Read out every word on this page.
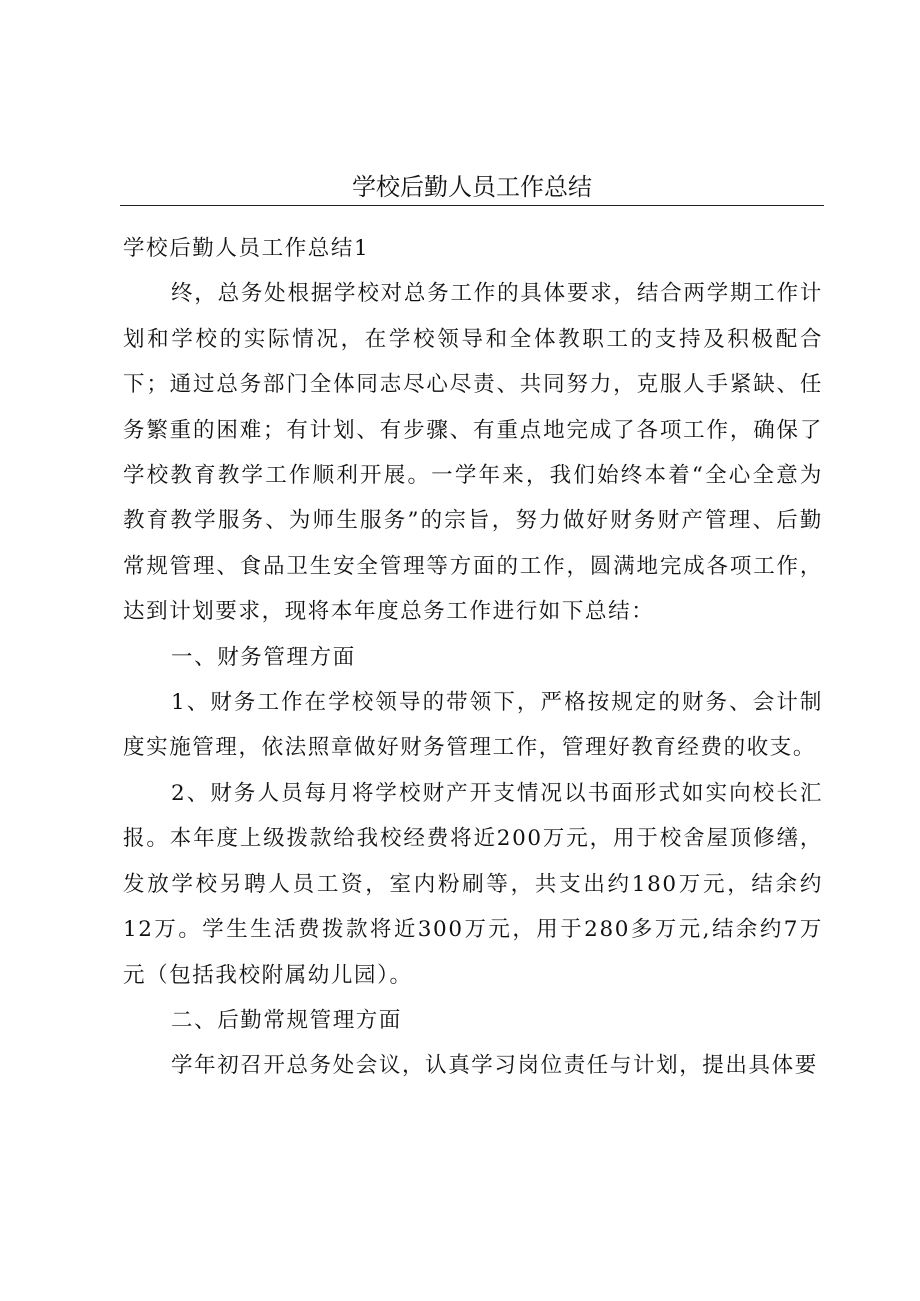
学校后勤人员工作总结

学校后勤人员工作总结1

终，总务处根据学校对总务工作的具体要求，结合两学期工作计划和学校的实际情况，在学校领导和全体教职工的支持及积极配合下；通过总务部门全体同志尽心尽责、共同努力，克服人手紧缺、任务繁重的困难；有计划、有步骤、有重点地完成了各项工作，确保了学校教育教学工作顺利开展。一学年来，我们始终本着“全心全意为教育教学服务、为师生服务”的宗旨，努力做好财务财产管理、后勤常规管理、食品卫生安全管理等方面的工作，圆满地完成各项工作，达到计划要求，现将本年度总务工作进行如下总结：

一、财务管理方面

1、财务工作在学校领导的带领下，严格按规定的财务、会计制度实施管理，依法照章做好财务管理工作，管理好教育经费的收支。

2、财务人员每月将学校财产开支情况以书面形式如实向校长汇报。本年度上级拨款给我校经费将近200万元，用于校舍屋顶修缮，发放学校另聘人员工资，室内粉刷等，共支出约180万元，结余约12万。学生生活费拨款将近300万元，用于280多万元,结余约7万元（包括我校附属幼儿园）。

二、后勤常规管理方面

学年初召开总务处会议，认真学习岗位责任与计划，提出具体要
